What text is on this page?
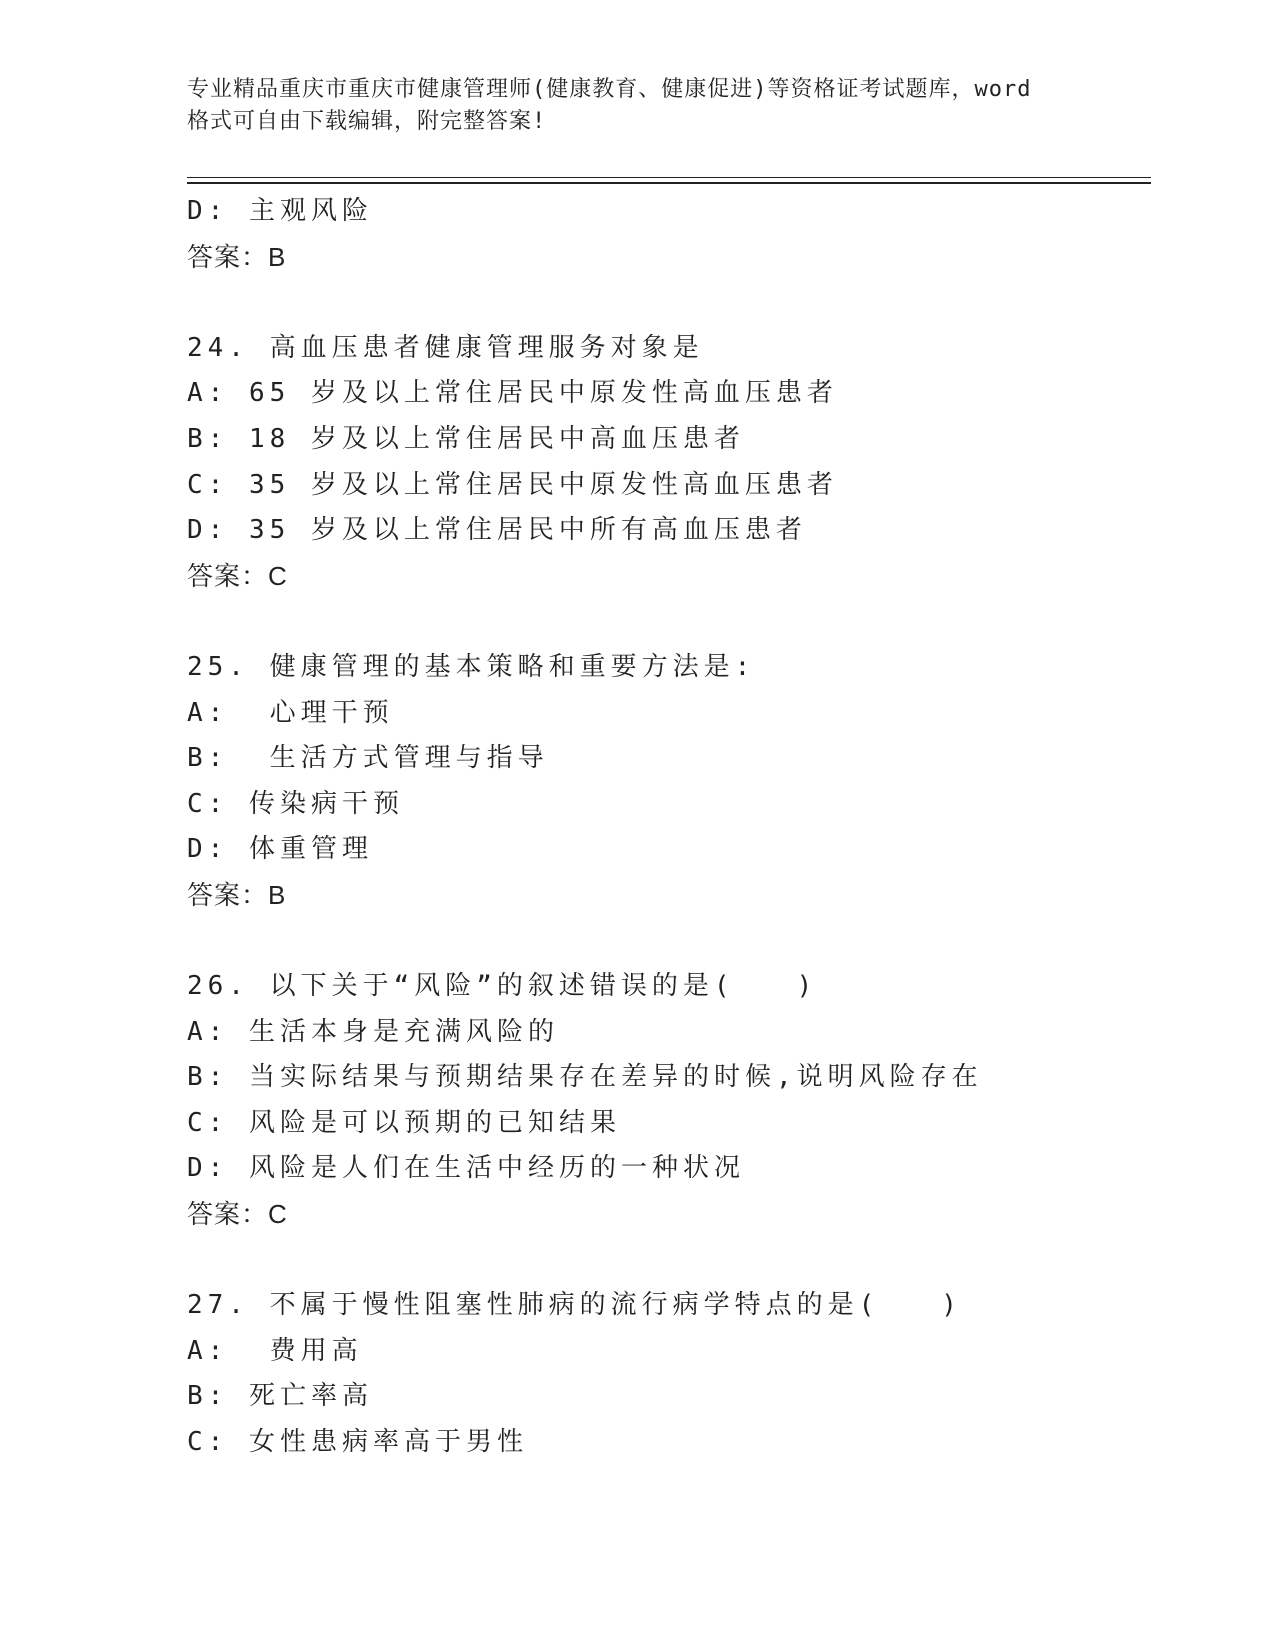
专业精品重庆市重庆市健康管理师(健康教育、健康促进)等资格证考试题库，word
格式可自由下载编辑，附完整答案!
D: 主观风险
答案：B
24. 高血压患者健康管理服务对象是
A: 65 岁及以上常住居民中原发性高血压患者
B: 18 岁及以上常住居民中高血压患者
C: 35 岁及以上常住居民中原发性高血压患者
D: 35 岁及以上常住居民中所有高血压患者
答案：C
25. 健康管理的基本策略和重要方法是:
A:  心理干预
B:  生活方式管理与指导
C: 传染病干预
D: 体重管理
答案：B
26. 以下关于“风险”的叙述错误的是(　　)
A: 生活本身是充满风险的
B: 当实际结果与预期结果存在差异的时候,说明风险存在
C: 风险是可以预期的已知结果
D: 风险是人们在生活中经历的一种状况
答案：C
27. 不属于慢性阻塞性肺病的流行病学特点的是(　　)
A:  费用高
B: 死亡率高
C: 女性患病率高于男性
